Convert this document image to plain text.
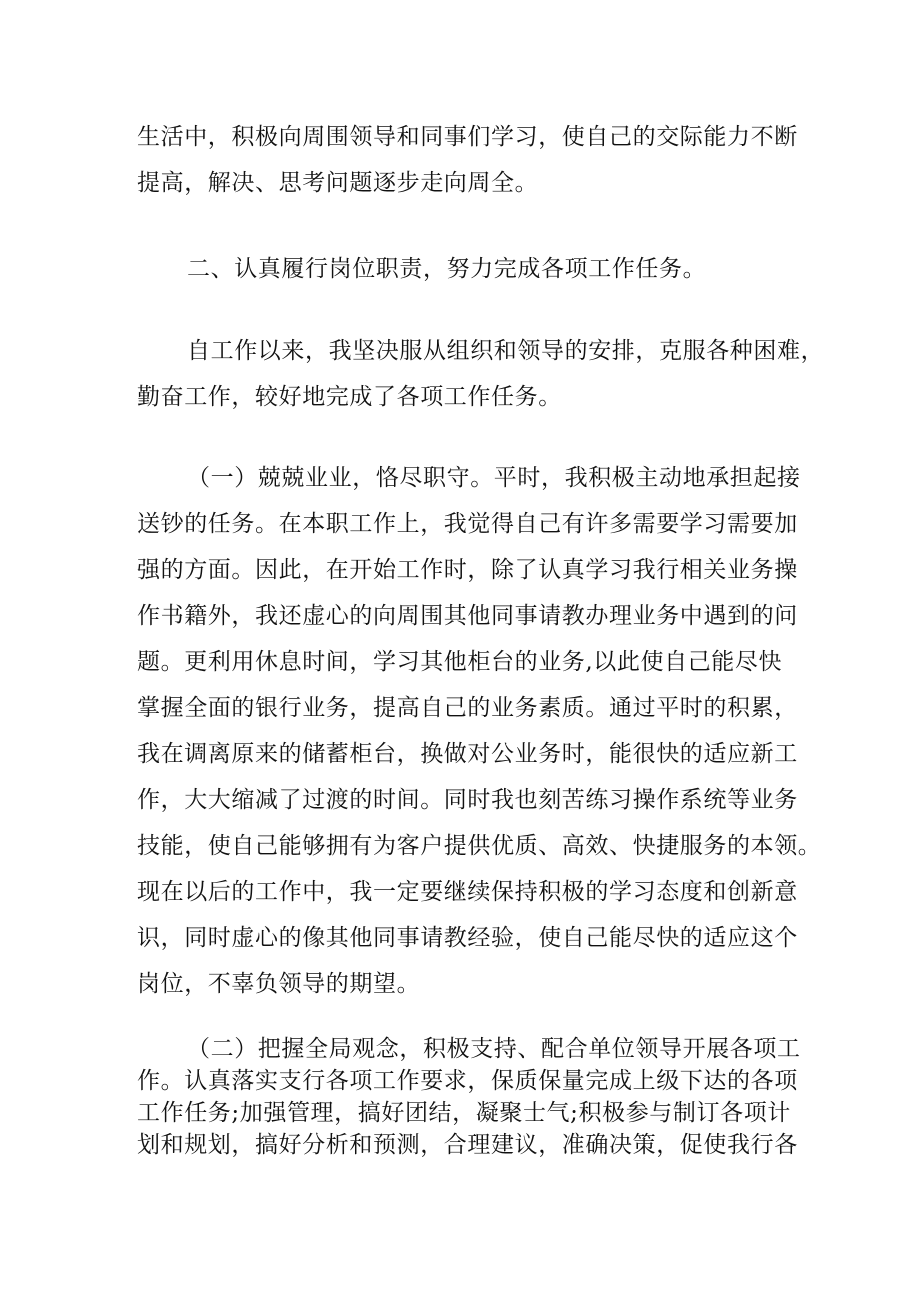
生活中，积极向周围领导和同事们学习，使自己的交际能力不断
提高，解决、思考问题逐步走向周全。
二、认真履行岗位职责，努力完成各项工作任务。
自工作以来，我坚决服从组织和领导的安排，克服各种困难，
勤奋工作，较好地完成了各项工作任务。
（一）兢兢业业，恪尽职守。平时，我积极主动地承担起接
送钞的任务。在本职工作上，我觉得自己有许多需要学习需要加
强的方面。因此，在开始工作时，除了认真学习我行相关业务操
作书籍外，我还虚心的向周围其他同事请教办理业务中遇到的问
题。更利用休息时间，学习其他柜台的业务,以此使自己能尽快
掌握全面的银行业务，提高自己的业务素质。通过平时的积累，
我在调离原来的储蓄柜台，换做对公业务时，能很快的适应新工
作，大大缩减了过渡的时间。同时我也刻苦练习操作系统等业务
技能，使自己能够拥有为客户提供优质、高效、快捷服务的本领。
现在以后的工作中，我一定要继续保持积极的学习态度和创新意
识，同时虚心的像其他同事请教经验，使自己能尽快的适应这个
岗位，不辜负领导的期望。
（二）把握全局观念，积极支持、配合单位领导开展各项工
作。认真落实支行各项工作要求，保质保量完成上级下达的各项
工作任务;加强管理，搞好团结，凝聚士气;积极参与制订各项计
划和规划，搞好分析和预测，合理建议，准确决策，促使我行各
